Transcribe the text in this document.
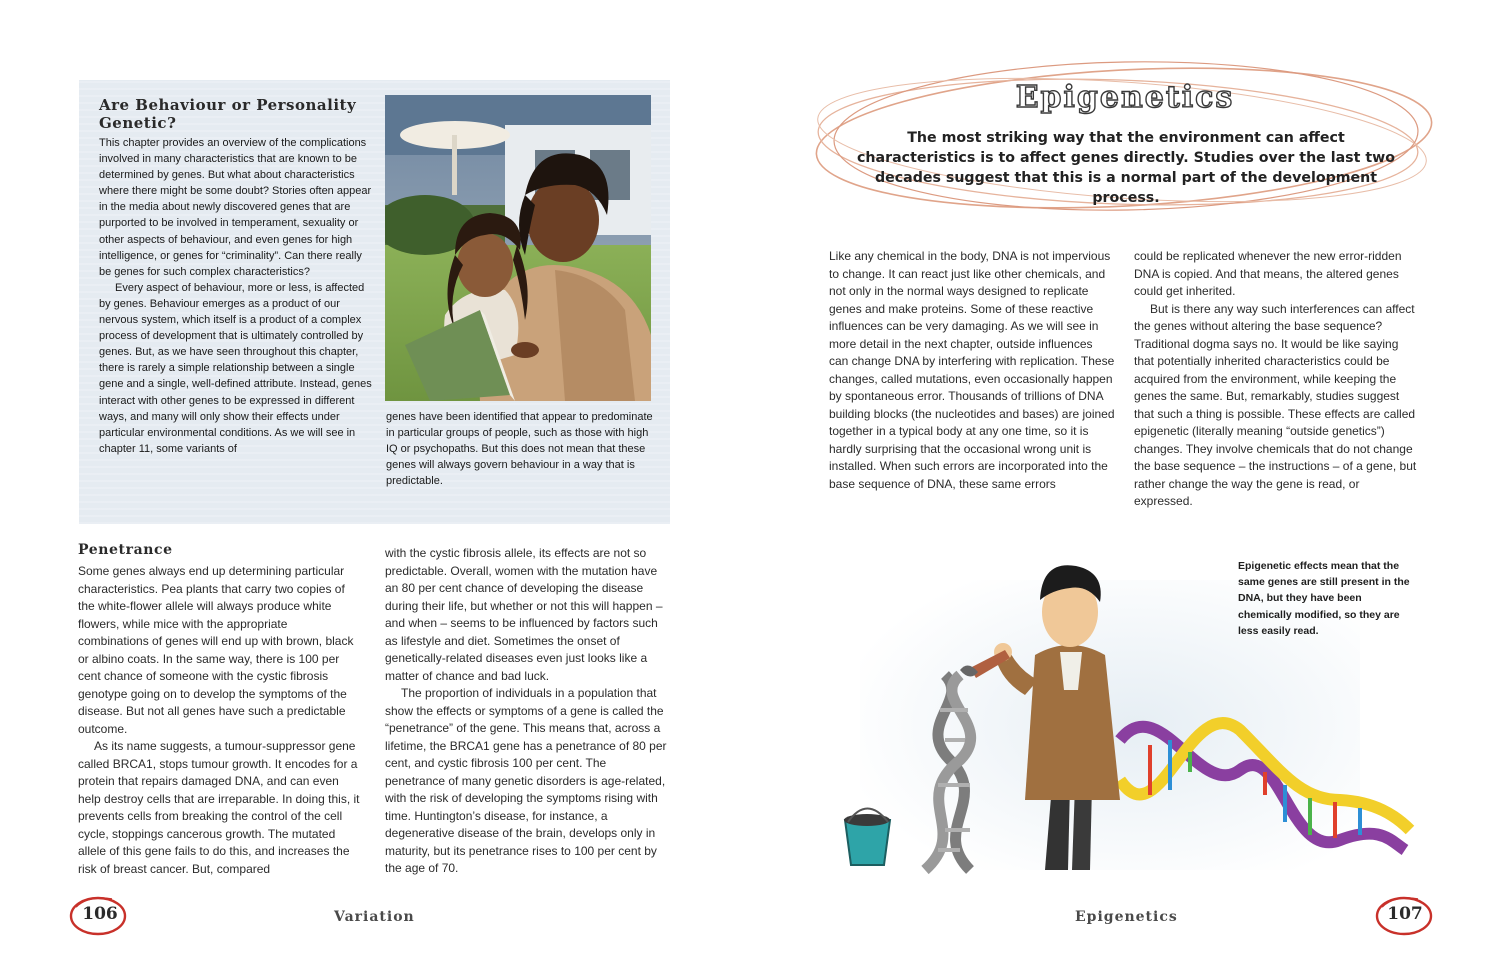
Are Behaviour or Personality Genetic?

This chapter provides an overview of the complications involved in many characteristics that are known to be determined by genes. But what about characteristics where there might be some doubt? Stories often appear in the media about newly discovered genes that are purported to be involved in temperament, sexuality or other aspects of behaviour, and even genes for high intelligence, or genes for “criminality”. Can there really be genes for such complex characteristics?

Every aspect of behaviour, more or less, is affected by genes. Behaviour emerges as a product of our nervous system, which itself is a product of a complex process of development that is ultimately controlled by genes. But, as we have seen throughout this chapter, there is rarely a simple relationship between a single gene and a single, well-defined attribute. Instead, genes interact with other genes to be expressed in different ways, and many will only show their effects under particular environmental conditions. As we will see in chapter 11, some variants of

genes have been identified that appear to predominate in particular groups of people, such as those with high IQ or psychopaths. But this does not mean that these genes will always govern behaviour in a way that is predictable.
Penetrance

Some genes always end up determining particular characteristics. Pea plants that carry two copies of the white-flower allele will always produce white flowers, while mice with the appropriate combinations of genes will end up with brown, black or albino coats. In the same way, there is 100 per cent chance of someone with the cystic fibrosis genotype going on to develop the symptoms of the disease. But not all genes have such a predictable outcome.

As its name suggests, a tumour-suppressor gene called BRCA1, stops tumour growth. It encodes for a protein that repairs damaged DNA, and can even help destroy cells that are irreparable. In doing this, it prevents cells from breaking the control of the cell cycle, stoppings cancerous growth. The mutated allele of this gene fails to do this, and increases the risk of breast cancer. But, compared

with the cystic fibrosis allele, its effects are not so predictable. Overall, women with the mutation have an 80 per cent chance of developing the disease during their life, but whether or not this will happen – and when – seems to be influenced by factors such as lifestyle and diet. Sometimes the onset of genetically-related diseases even just looks like a matter of chance and bad luck.

The proportion of individuals in a population that show the effects or symptoms of a gene is called the “penetrance” of the gene. This means that, across a lifetime, the BRCA1 gene has a penetrance of 80 per cent, and cystic fibrosis 100 per cent. The penetrance of many genetic disorders is age-related, with the risk of developing the symptoms rising with time. Huntington’s disease, for instance, a degenerative disease of the brain, develops only in maturity, but its penetrance rises to 100 per cent by the age of 70.

106	Variation
Epigenetics
The most striking way that the environment can affect characteristics is to affect genes directly. Studies over the last two decades suggest that this is a normal part of the development process.

Like any chemical in the body, DNA is not impervious to change. It can react just like other chemicals, and not only in the normal ways designed to replicate genes and make proteins. Some of these reactive influences can be very damaging. As we will see in more detail in the next chapter, outside influences can change DNA by interfering with replication. These changes, called mutations, even occasionally happen by spontaneous error. Thousands of trillions of DNA building blocks (the nucleotides and bases) are joined together in a typical body at any one time, so it is hardly surprising that the occasional wrong unit is installed. When such errors are incorporated into the base sequence of DNA, these same errors

could be replicated whenever the new error-ridden DNA is copied. And that means, the altered genes could get inherited.

But is there any way such interferences can affect the genes without altering the base sequence? Traditional dogma says no. It would be like saying that potentially inherited characteristics could be acquired from the environment, while keeping the genes the same. But, remarkably, studies suggest that such a thing is possible. These effects are called epigenetic (literally meaning “outside genetics”) changes. They involve chemicals that do not change the base sequence – the instructions – of a gene, but rather change the way the gene is read, or expressed.

Epigenetic effects mean that the same genes are still present in the DNA, but they have been chemically modified, so they are less easily read.
Epigenetics	107
